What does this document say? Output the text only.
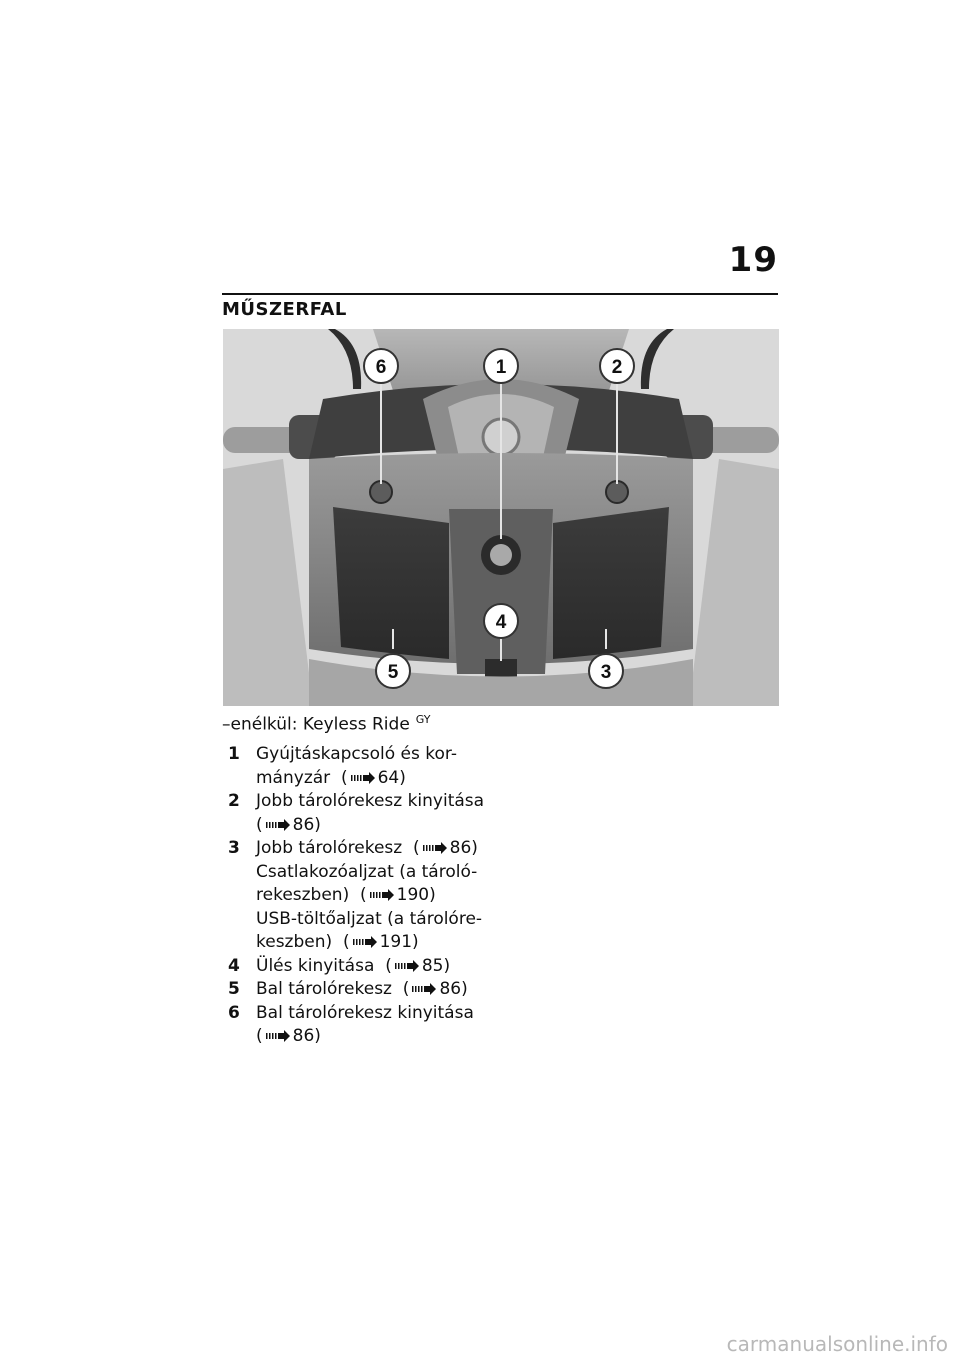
19
MŰSZERFAL
6	1	2
4
5	3
–enélkül: Keyless Ride $^{GY}$
1 Gyújtáskapcsoló és kor-
mányzár ( 64)
2 Jobb tárolórekesz kinyitása
( 86)
3 Jobb tárolórekesz ( 86)
Csatlakozóaljzat (a tároló-
rekeszben) ( 190)
USB-töltőaljzat (a tárolóre-
keszben) ( 191)
4 Ülés kinyitása ( 85)
5 Bal tárolórekesz ( 86)
6 Bal tárolórekesz kinyitása
( 86)
carmanualsonline.info
